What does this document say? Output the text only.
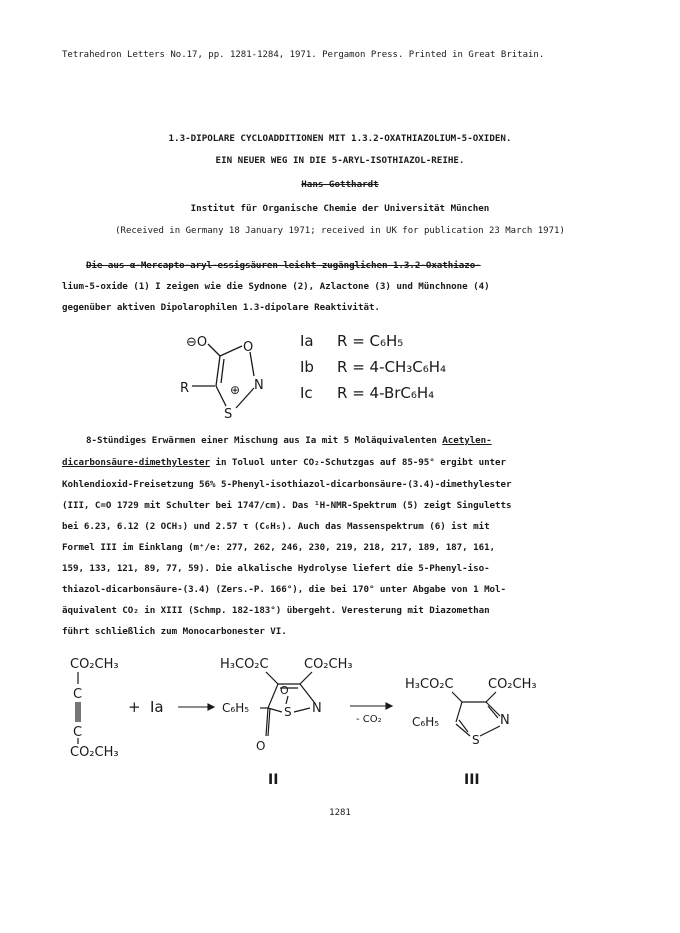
Tetrahedron Letters No.17, pp. 1281-1284, 1971. Pergamon Press. Printed in Great Britain.
1.3-DIPOLARE CYCLOADDITIONEN MIT 1.3.2-OXATHIAZOLIUM-5-OXIDEN.
EIN NEUER WEG IN DIE 5-ARYL-ISOTHIAZOL-REIHE.
Hans Gotthardt
Institut für Organische Chemie der Universität München
(Received in Germany 18 January 1971; received in UK for publication 23 March 1971)
Die aus α-Mercapto-aryl-essigsäuren leicht zugänglichen 1.3.2-Oxathiazo-
lium-5-oxide (1) I zeigen wie die Sydnone (2), Azlactone (3) und Münchnone (4)
gegenüber aktiven Dipolarophilen 1.3-dipolare Reaktivität.
⊖O	O
N
S
⊕
R
Ia R = C₆H₅
Ib R = 4-CH₃C₆H₄
Ic R = 4-BrC₆H₄
8-Stündiges Erwärmen einer Mischung aus Ia mit 5 Moläquivalenten Acetylen-
dicarbonsäure-dimethylester in Toluol unter CO₂-Schutzgas auf 85-95° ergibt unter
Kohlendioxid-Freisetzung 56% 5-Phenyl-isothiazol-dicarbonsäure-(3.4)-dimethylester
(III, C=O 1729 mit Schulter bei 1747/cm). Das ¹H-NMR-Spektrum (5) zeigt Singuletts
bei 6.23, 6.12 (2 OCH₃) und 2.57 τ (C₆H₅). Auch das Massenspektrum (6) ist mit
Formel III im Einklang (m⁺/e: 277, 262, 246, 230, 219, 218, 217, 189, 187, 161,
159, 133, 121, 89, 77, 59). Die alkalische Hydrolyse liefert die 5-Phenyl-iso-
thiazol-dicarbonsäure-(3.4) (Zers.-P. 166°), die bei 170° unter Abgabe von 1 Mol-
äquivalent CO₂ in XIII (Schmp. 182-183°) übergeht. Veresterung mit Diazomethan
führt schließlich zum Monocarbonester VI.
CO₂CH₃
C
C
CO₂CH₃
+ Ia
H₃CO₂C	CO₂CH₃
C₆H₅	S N
O
O
II
- CO₂
H₃CO₂C	CO₂CH₃
C₆H₅
S
N
III
1281
